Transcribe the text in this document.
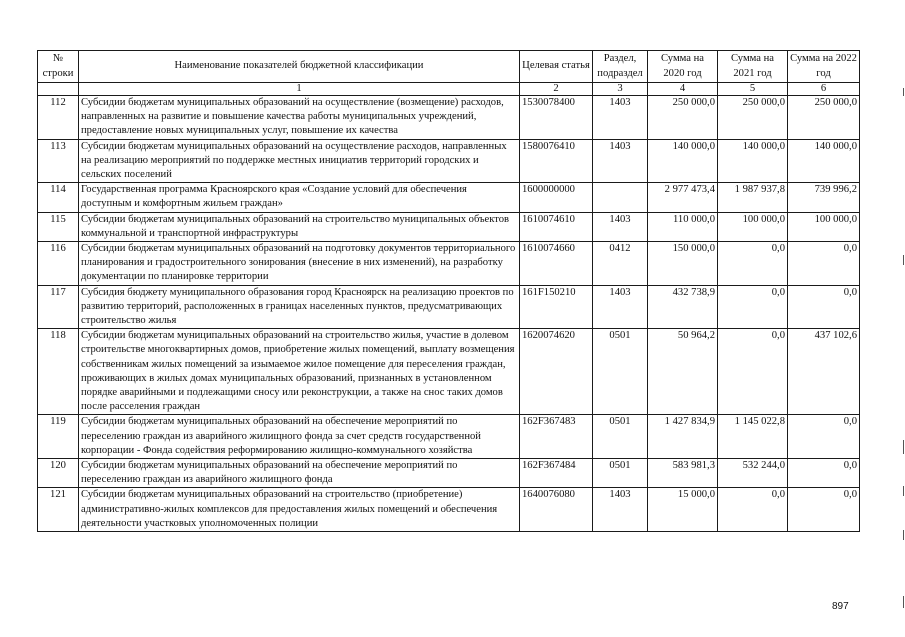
№ строки	Наименование показателей бюджетной классификации	Целевая статья	Раздел, подраздел	Сумма на 2020 год	Сумма на 2021 год	Сумма на 2022 год
	1	2	3	4	5	6
112	Субсидии бюджетам муниципальных образований на осуществление (возмещение) расходов, направленных на развитие и повышение качества работы муниципальных учреждений, предоставление новых муниципальных услуг, повышение их качества	1530078400	1403	250 000,0	250 000,0	250 000,0
113	Субсидии бюджетам муниципальных образований на осуществление расходов, направленных на реализацию мероприятий по поддержке местных инициатив территорий городских и сельских поселений	1580076410	1403	140 000,0	140 000,0	140 000,0
114	Государственная программа Красноярского края «Создание условий для обеспечения доступным и комфортным жильем граждан»	1600000000		2 977 473,4	1 987 937,8	739 996,2
115	Субсидии бюджетам муниципальных образований на строительство муниципальных объектов коммунальной и транспортной инфраструктуры	1610074610	1403	110 000,0	100 000,0	100 000,0
116	Субсидии бюджетам муниципальных образований на подготовку документов территориального планирования и градостроительного зонирования (внесение в них изменений), на разработку документации по планировке территории	1610074660	0412	150 000,0	0,0	0,0
117	Субсидия бюджету муниципального образования город Красноярск на реализацию проектов по развитию территорий, расположенных в границах населенных пунктов, предусматривающих строительство жилья	161F150210	1403	432 738,9	0,0	0,0
118	Субсидии бюджетам муниципальных образований на строительство жилья, участие в долевом строительстве многоквартирных домов, приобретение жилых помещений, выплату возмещения собственникам жилых помещений за изымаемое жилое помещение для переселения граждан, проживающих в жилых домах муниципальных образований, признанных в установленном порядке аварийными и подлежащими сносу или реконструкции, а также на снос таких домов после расселения граждан	1620074620	0501	50 964,2	0,0	437 102,6
119	Субсидии бюджетам муниципальных образований на обеспечение мероприятий по переселению граждан из аварийного жилищного фонда за счет средств государственной корпорации - Фонда содействия реформированию жилищно-коммунального хозяйства	162F367483	0501	1 427 834,9	1 145 022,8	0,0
120	Субсидии бюджетам муниципальных образований на обеспечение мероприятий по переселению граждан из аварийного жилищного фонда	162F367484	0501	583 981,3	532 244,0	0,0
121	Субсидии бюджетам муниципальных образований на строительство (приобретение) административно-жилых комплексов для предоставления жилых помещений и обеспечения деятельности участковых уполномоченных полиции	1640076080	1403	15 000,0	0,0	0,0
897
